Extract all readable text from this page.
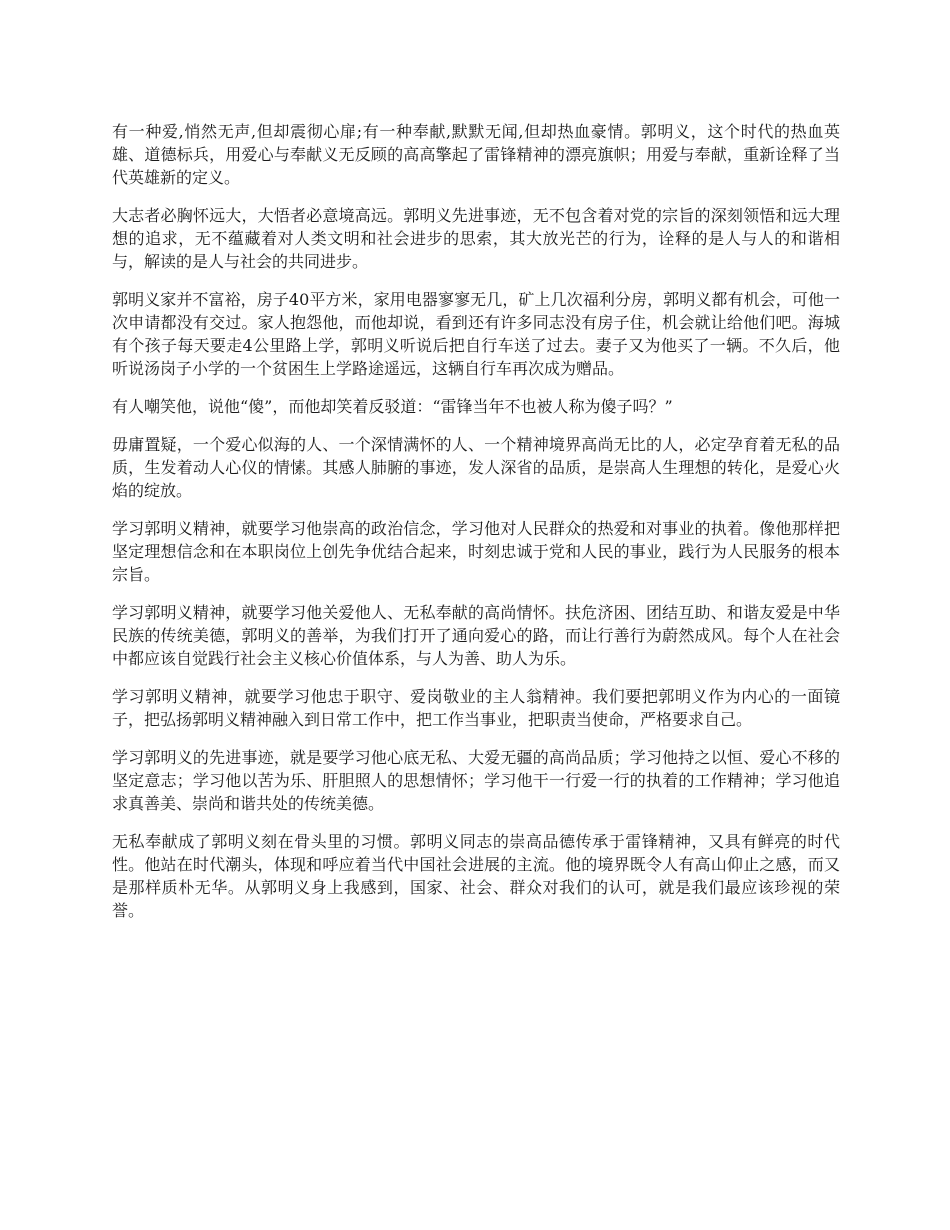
有一种爱,悄然无声,但却震彻心扉;有一种奉献,默默无闻,但却热血豪情。郭明义，这个时代的热血英雄、道德标兵，用爱心与奉献义无反顾的高高擎起了雷锋精神的漂亮旗帜；用爱与奉献，重新诠释了当代英雄新的定义。

大志者必胸怀远大，大悟者必意境高远。郭明义先进事迹，无不包含着对党的宗旨的深刻领悟和远大理想的追求，无不蕴藏着对人类文明和社会进步的思索，其大放光芒的行为，诠释的是人与人的和谐相与，解读的是人与社会的共同进步。

郭明义家并不富裕，房子40平方米，家用电器寥寥无几，矿上几次福利分房，郭明义都有机会，可他一次申请都没有交过。家人抱怨他，而他却说，看到还有许多同志没有房子住，机会就让给他们吧。海城有个孩子每天要走4公里路上学，郭明义听说后把自行车送了过去。妻子又为他买了一辆。不久后，他听说汤岗子小学的一个贫困生上学路途遥远，这辆自行车再次成为赠品。

有人嘲笑他，说他“傻”，而他却笑着反驳道：“雷锋当年不也被人称为傻子吗？”

毋庸置疑，一个爱心似海的人、一个深情满怀的人、一个精神境界高尚无比的人，必定孕育着无私的品质，生发着动人心仪的情愫。其感人肺腑的事迹，发人深省的品质，是崇高人生理想的转化，是爱心火焰的绽放。

学习郭明义精神，就要学习他崇高的政治信念，学习他对人民群众的热爱和对事业的执着。像他那样把坚定理想信念和在本职岗位上创先争优结合起来，时刻忠诚于党和人民的事业，践行为人民服务的根本宗旨。

学习郭明义精神，就要学习他关爱他人、无私奉献的高尚情怀。扶危济困、团结互助、和谐友爱是中华民族的传统美德，郭明义的善举，为我们打开了通向爱心的路，而让行善行为蔚然成风。每个人在社会中都应该自觉践行社会主义核心价值体系，与人为善、助人为乐。

学习郭明义精神，就要学习他忠于职守、爱岗敬业的主人翁精神。我们要把郭明义作为内心的一面镜子，把弘扬郭明义精神融入到日常工作中，把工作当事业，把职责当使命，严格要求自己。

学习郭明义的先进事迹，就是要学习他心底无私、大爱无疆的高尚品质；学习他持之以恒、爱心不移的坚定意志；学习他以苦为乐、肝胆照人的思想情怀；学习他干一行爱一行的执着的工作精神；学习他追求真善美、崇尚和谐共处的传统美德。

无私奉献成了郭明义刻在骨头里的习惯。郭明义同志的崇高品德传承于雷锋精神，又具有鲜亮的时代性。他站在时代潮头，体现和呼应着当代中国社会进展的主流。他的境界既令人有高山仰止之感，而又是那样质朴无华。从郭明义身上我感到，国家、社会、群众对我们的认可，就是我们最应该珍视的荣誉。
